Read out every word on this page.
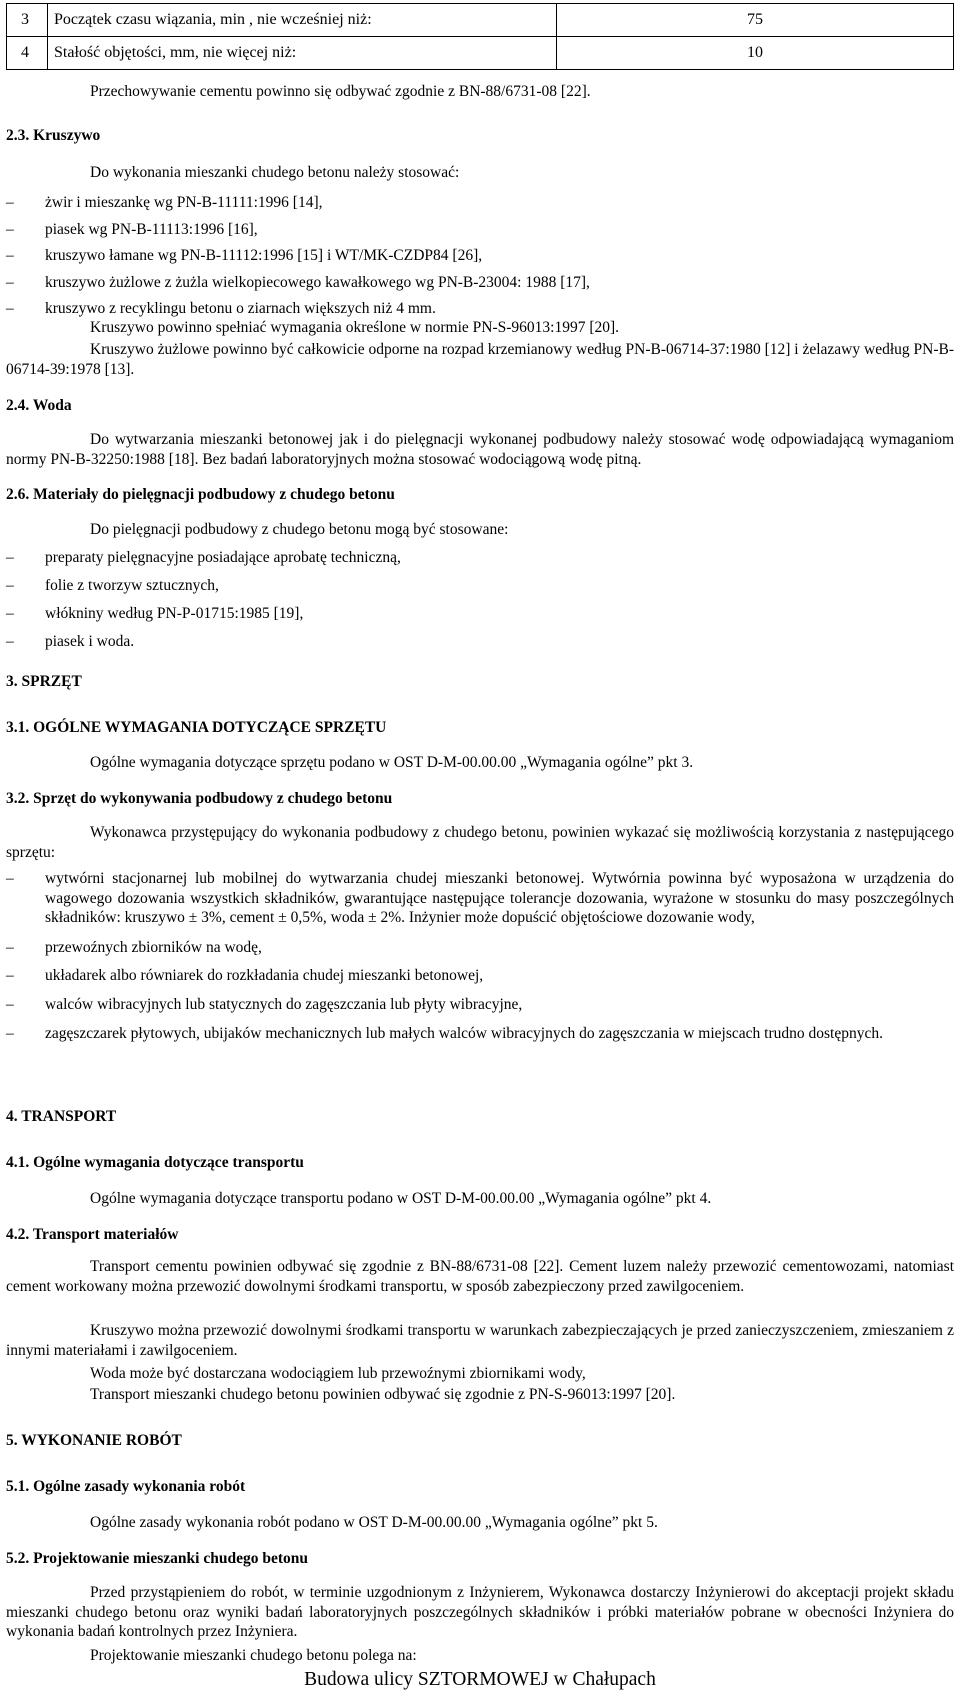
3	Początek czasu wiązania, min , nie wcześniej niż:	75
4	Stałość objętości, mm, nie więcej niż:	10

Przechowywanie cementu powinno się odbywać zgodnie z BN-88/6731-08 [22].

2.3. Kruszywo

Do wykonania mieszanki chudego betonu należy stosować:

– żwir i mieszankę wg PN-B-11111:1996 [14],
– piasek wg PN-B-11113:1996 [16],
– kruszywo łamane wg PN-B-11112:1996 [15] i WT/MK-CZDP84 [26],
– kruszywo żużlowe z żużla wielkopiecowego kawałkowego wg PN-B-23004: 1988 [17],
– kruszywo z recyklingu betonu o ziarnach większych niż 4 mm.

Kruszywo powinno spełniać wymagania określone w normie PN-S-96013:1997 [20].

Kruszywo żużlowe powinno być całkowicie odporne na rozpad krzemianowy według PN-B-06714-37:1980 [12] i żelazawy według PN-B-06714-39:1978 [13].

2.4. Woda

Do wytwarzania mieszanki betonowej jak i do pielęgnacji wykonanej podbudowy należy stosować wodę odpowiadającą wymaganiom normy PN-B-32250:1988 [18]. Bez badań laboratoryjnych można stosować wodociągową wodę pitną.

2.6. Materiały do pielęgnacji podbudowy z chudego betonu

Do pielęgnacji podbudowy z chudego betonu mogą być stosowane:

– preparaty pielęgnacyjne posiadające aprobatę techniczną,
– folie z tworzyw sztucznych,
– włókniny według PN-P-01715:1985 [19],
– piasek i woda.
3. SPRZĘT
3.1. OGÓLNE WYMAGANIA DOTYCZĄCE SPRZĘTU

Ogólne wymagania dotyczące sprzętu podano w OST D-M-00.00.00 „Wymagania ogólne” pkt 3.

3.2. Sprzęt do wykonywania podbudowy z chudego betonu

Wykonawca przystępujący do wykonania podbudowy z chudego betonu, powinien wykazać się możliwością korzystania z następującego sprzętu:

– wytwórni stacjonarnej lub mobilnej do wytwarzania chudej mieszanki betonowej. Wytwórnia powinna być wyposażona w urządzenia do wagowego dozowania wszystkich składników, gwarantujące następujące tolerancje dozowania, wyrażone w stosunku do masy poszczególnych składników: kruszywo ± 3%, cement ± 0,5%, woda ± 2%. Inżynier może dopuścić objętościowe dozowanie wody,
– przewoźnych zbiorników na wodę,
– układarek albo równiarek do rozkładania chudej mieszanki betonowej,
– walców wibracyjnych lub statycznych do zagęszczania lub płyty wibracyjne,
– zagęszczarek płytowych, ubijaków mechanicznych lub małych walców wibracyjnych do zagęszczania w miejscach trudno dostępnych.
4. TRANSPORT
4.1. Ogólne wymagania dotyczące transportu

Ogólne wymagania dotyczące transportu podano w OST D-M-00.00.00 „Wymagania ogólne” pkt 4.

4.2. Transport materiałów

Transport cementu powinien odbywać się zgodnie z BN-88/6731-08 [22]. Cement luzem należy przewozić cementowozami, natomiast cement workowany można przewozić dowolnymi środkami transportu, w sposób zabezpieczony przed zawilgoceniem.

Kruszywo można przewozić dowolnymi środkami transportu w warunkach zabezpieczających je przed zanieczyszczeniem, zmieszaniem z innymi materiałami i zawilgoceniem.

Woda może być dostarczana wodociągiem lub przewoźnymi zbiornikami wody,

Transport mieszanki chudego betonu powinien odbywać się zgodnie z PN-S-96013:1997 [20].

5. WYKONANIE ROBÓT
5.1. Ogólne zasady wykonania robót

Ogólne zasady wykonania robót podano w OST D-M-00.00.00 „Wymagania ogólne” pkt 5.

5.2. Projektowanie mieszanki chudego betonu

Przed przystąpieniem do robót, w terminie uzgodnionym z Inżynierem, Wykonawca dostarczy Inżynierowi do akceptacji projekt składu mieszanki chudego betonu oraz wyniki badań laboratoryjnych poszczególnych składników i próbki materiałów pobrane w obecności Inżyniera do wykonania badań kontrolnych przez Inżyniera.

Projektowanie mieszanki chudego betonu polega na:

Budowa ulicy SZTORMOWEJ w Chałupach
